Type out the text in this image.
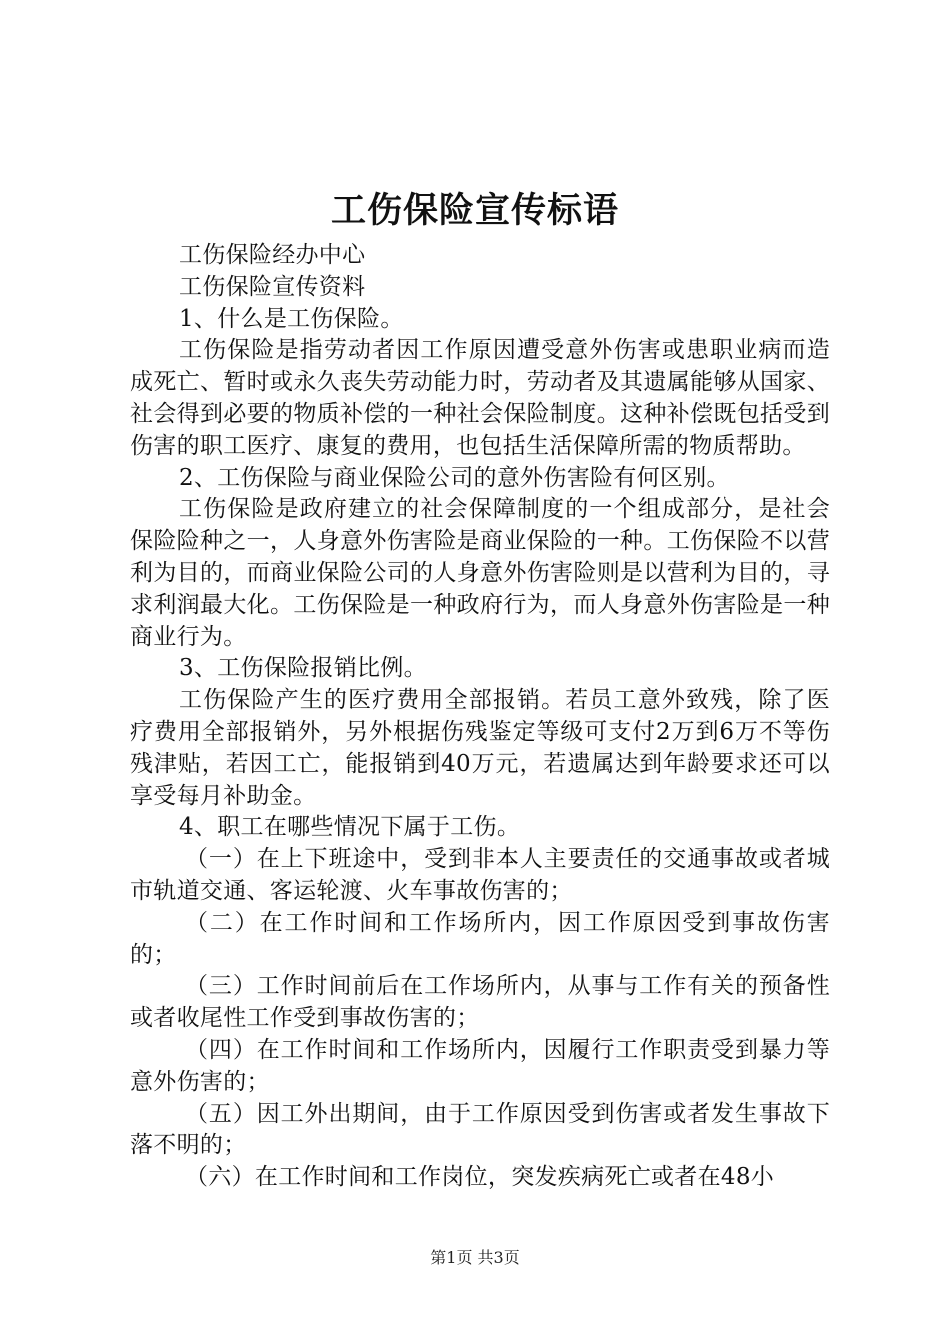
工伤保险宣传标语

工伤保险经办中心

工伤保险宣传资料

1、什么是工伤保险。

工伤保险是指劳动者因工作原因遭受意外伤害或患职业病而造成死亡、暂时或永久丧失劳动能力时，劳动者及其遗属能够从国家、社会得到必要的物质补偿的一种社会保险制度。这种补偿既包括受到伤害的职工医疗、康复的费用，也包括生活保障所需的物质帮助。

2、工伤保险与商业保险公司的意外伤害险有何区别。

工伤保险是政府建立的社会保障制度的一个组成部分，是社会保险险种之一，人身意外伤害险是商业保险的一种。工伤保险不以营利为目的，而商业保险公司的人身意外伤害险则是以营利为目的，寻求利润最大化。工伤保险是一种政府行为，而人身意外伤害险是一种商业行为。

3、工伤保险报销比例。

工伤保险产生的医疗费用全部报销。若员工意外致残，除了医疗费用全部报销外，另外根据伤残鉴定等级可支付2万到6万不等伤残津贴，若因工亡，能报销到40万元，若遗属达到年龄要求还可以享受每月补助金。

4、职工在哪些情况下属于工伤。

（一）在上下班途中，受到非本人主要责任的交通事故或者城市轨道交通、客运轮渡、火车事故伤害的；

（二）在工作时间和工作场所内，因工作原因受到事故伤害的；

（三）工作时间前后在工作场所内，从事与工作有关的预备性或者收尾性工作受到事故伤害的；

（四）在工作时间和工作场所内，因履行工作职责受到暴力等意外伤害的；

（五）因工外出期间，由于工作原因受到伤害或者发生事故下落不明的；

（六）在工作时间和工作岗位，突发疾病死亡或者在48小

第1页 共3页
